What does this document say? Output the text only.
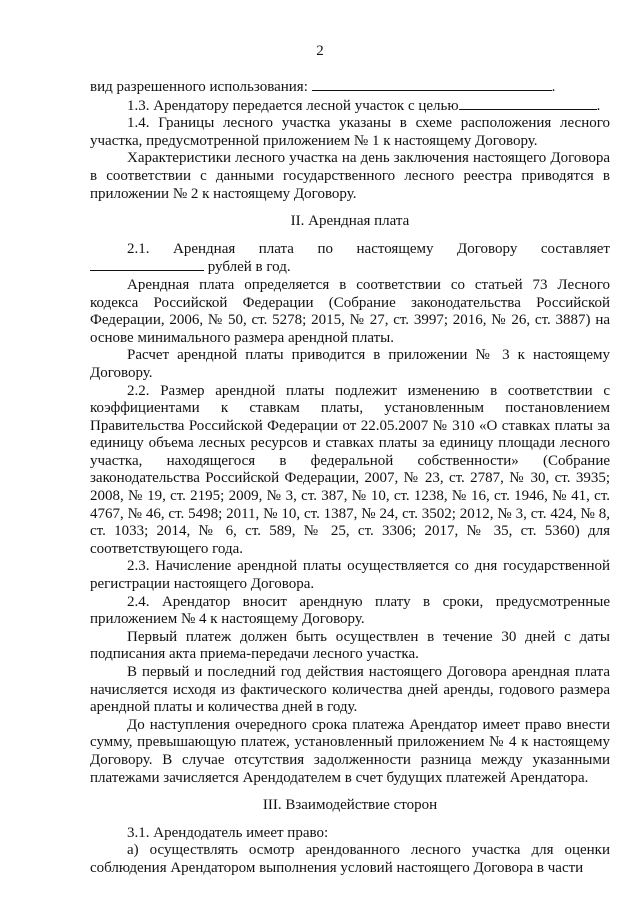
2

вид разрешенного использования:	.

1.3. Арендатору передается лесной участок с целью	.

1.4. Границы лесного участка указаны в схеме расположения лесного участка, предусмотренной приложением № 1 к настоящему Договору.

Характеристики лесного участка на день заключения настоящего Договора в соответствии с данными государственного лесного реестра приводятся в приложении № 2 к настоящему Договору.

II. Арендная плата

2.1. Арендная плата по настоящему Договору составляет

рублей в год.

Арендная плата определяется в соответствии со статьей 73 Лесного кодекса Российской Федерации (Собрание законодательства Российской Федерации, 2006, № 50, ст. 5278; 2015, № 27, ст. 3997; 2016, № 26, ст. 3887) на основе минимального размера арендной платы.

Расчет арендной платы приводится в приложении № 3 к настоящему Договору.

2.2. Размер арендной платы подлежит изменению в соответствии с коэффициентами к ставкам платы, установленным постановлением Правительства Российской Федерации от 22.05.2007 № 310 «О ставках платы за единицу объема лесных ресурсов и ставках платы за единицу площади лесного участка, находящегося в федеральной собственности» (Собрание законодательства Российской Федерации, 2007, № 23, ст. 2787, № 30, ст. 3935; 2008, № 19, ст. 2195; 2009, № 3, ст. 387, № 10, ст. 1238, № 16, ст. 1946, № 41, ст. 4767, № 46, ст. 5498; 2011, № 10, ст. 1387, № 24, ст. 3502; 2012, № 3, ст. 424, № 8, ст. 1033; 2014, № 6, ст. 589, № 25, ст. 3306; 2017, № 35, ст. 5360) для соответствующего года.

2.3. Начисление арендной платы осуществляется со дня государственной регистрации настоящего Договора.

2.4. Арендатор вносит арендную плату в сроки, предусмотренные приложением № 4 к настоящему Договору.

Первый платеж должен быть осуществлен в течение 30 дней с даты подписания акта приема-передачи лесного участка.

В первый и последний год действия настоящего Договора арендная плата начисляется исходя из фактического количества дней аренды, годового размера арендной платы и количества дней в году.

До наступления очередного срока платежа Арендатор имеет право внести сумму, превышающую платеж, установленный приложением № 4 к настоящему Договору. В случае отсутствия задолженности разница между указанными платежами зачисляется Арендодателем в счет будущих платежей Арендатора.

III. Взаимодействие сторон

3.1. Арендодатель имеет право:

а) осуществлять осмотр арендованного лесного участка для оценки соблюдения Арендатором выполнения условий настоящего Договора в части
